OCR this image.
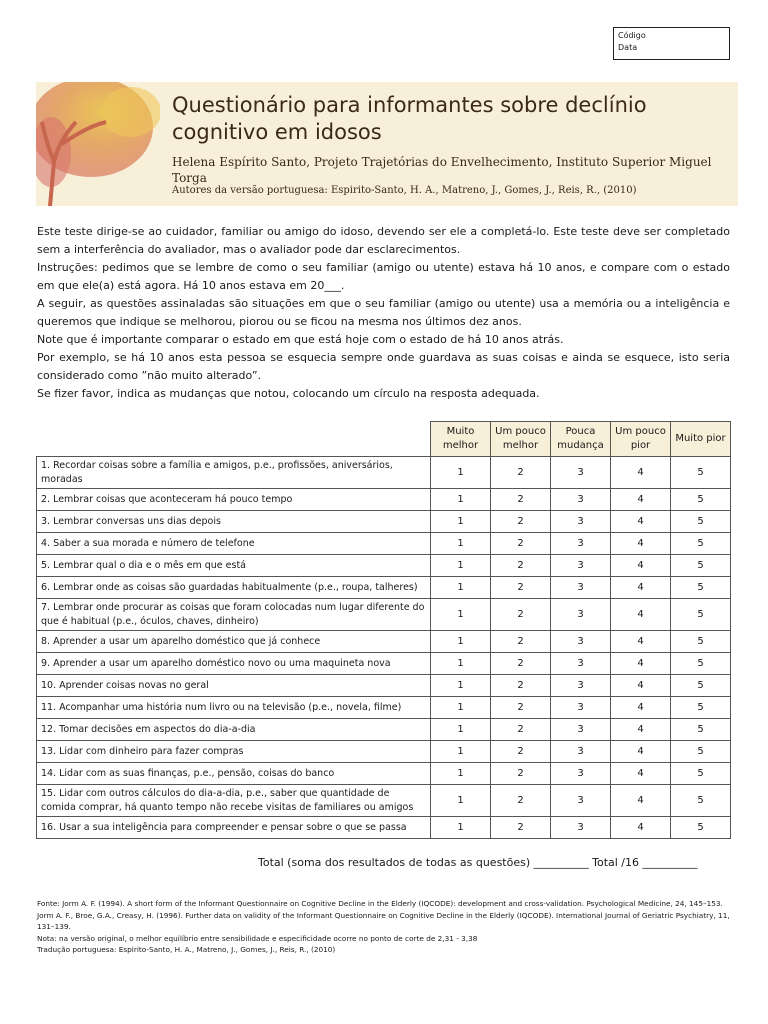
Código
Data
Questionário para informantes sobre declínio cognitivo em idosos
Helena Espírito Santo, Projeto Trajetórias do Envelhecimento, Instituto Superior Miguel Torga
Autores da versão portuguesa: Espirito-Santo, H. A., Matreno, J., Gomes, J., Reis, R., (2010)

Este teste dirige-se ao cuidador, familiar ou amigo do idoso, devendo ser ele a completá-lo. Este teste deve ser completado sem a interferência do avaliador, mas o avaliador pode dar esclarecimentos.

Instruções: pedimos que se lembre de como o seu familiar (amigo ou utente) estava há 10 anos, e compare com o estado em que ele(a) está agora. Há 10 anos estava em 20___.

A seguir, as questões assinaladas são situações em que o seu familiar (amigo ou utente) usa a memória ou a inteligência e queremos que indique se melhorou, piorou ou se ficou na mesma nos últimos dez anos.

Note que é importante comparar o estado em que está hoje com o estado de há 10 anos atrás.

Por exemplo, se há 10 anos esta pessoa se esquecia sempre onde guardava as suas coisas e ainda se esquece, isto seria considerado como ”não muito alterado”.

Se fizer favor, indica as mudanças que notou, colocando um círculo na resposta adequada.

	Muito melhor	Um pouco melhor	Pouca mudança	Um pouco pior	Muito pior
1. Recordar coisas sobre a família e amigos, p.e., profissões, aniversários, moradas	1	2	3	4	5
2. Lembrar coisas que aconteceram há pouco tempo	1	2	3	4	5
3. Lembrar conversas uns dias depois	1	2	3	4	5
4. Saber a sua morada e número de telefone	1	2	3	4	5
5. Lembrar qual o dia e o mês em que está	1	2	3	4	5
6. Lembrar onde as coisas são guardadas habitualmente (p.e., roupa, talheres)	1	2	3	4	5
7. Lembrar onde procurar as coisas que foram colocadas num lugar diferente do que é habitual (p.e., óculos, chaves, dinheiro)	1	2	3	4	5
8. Aprender a usar um aparelho doméstico que já conhece	1	2	3	4	5
9. Aprender a usar um aparelho doméstico novo ou uma maquineta nova	1	2	3	4	5
10. Aprender coisas novas no geral	1	2	3	4	5
11. Acompanhar uma história num livro ou na televisão (p.e., novela, filme)	1	2	3	4	5
12. Tomar decisões em aspectos do dia-a-dia	1	2	3	4	5
13. Lidar com dinheiro para fazer compras	1	2	3	4	5
14. Lidar com as suas finanças, p.e., pensão, coisas do banco	1	2	3	4	5
15. Lidar com outros cálculos do dia-a-dia, p.e., saber que quantidade de comida comprar, há quanto tempo não recebe visitas de familiares ou amigos	1	2	3	4	5
16. Usar a sua inteligência para compreender e pensar sobre o que se passa	1	2	3	4	5
Total (soma dos resultados de todas as questões) __________ Total /16 __________
Fonte: Jorm A. F. (1994). A short form of the Informant Questionnaire on Cognitive Decline in the Elderly (IQCODE): development and cross-validation. Psychological Medicine, 24, 145–153.
Jorm A. F., Broe, G.A., Creasy, H. (1996). Further data on validity of the Informant Questionnaire on Cognitive Decline in the Elderly (IQCODE). International Journal of Geriatric Psychiatry, 11, 131–139.
Nota: na versão original, o melhor equilíbrio entre sensibilidade e especificidade ocorre no ponto de corte de 2,31 - 3,38
Tradução portuguesa: Espirito-Santo, H. A., Matreno, J., Gomes, J., Reis, R., (2010)
